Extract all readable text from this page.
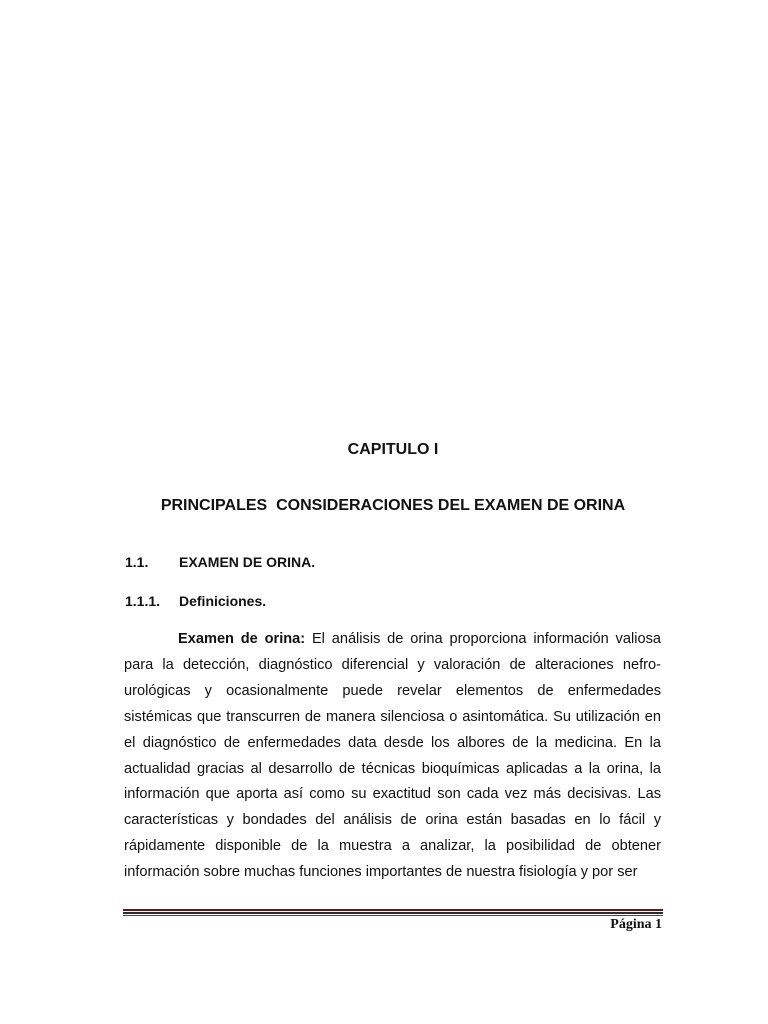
CAPITULO I
PRINCIPALES  CONSIDERACIONES DEL EXAMEN DE ORINA
1.1. EXAMEN DE ORINA.
1.1.1. Definiciones.

Examen de orina: El análisis de orina proporciona información valiosa para la detección, diagnóstico diferencial y valoración de alteraciones nefro-urológicas y ocasionalmente puede revelar elementos de enfermedades sistémicas que transcurren de manera silenciosa o asintomática. Su utilización en el diagnóstico de enfermedades data desde los albores de la medicina. En la actualidad gracias al desarrollo de técnicas bioquímicas aplicadas a la orina, la información que aporta así como su exactitud son cada vez más decisivas. Las características y bondades del análisis de orina están basadas en lo fácil y rápidamente disponible de la muestra a analizar, la posibilidad de obtener información sobre muchas funciones importantes de nuestra fisiología y por ser

Página 1
